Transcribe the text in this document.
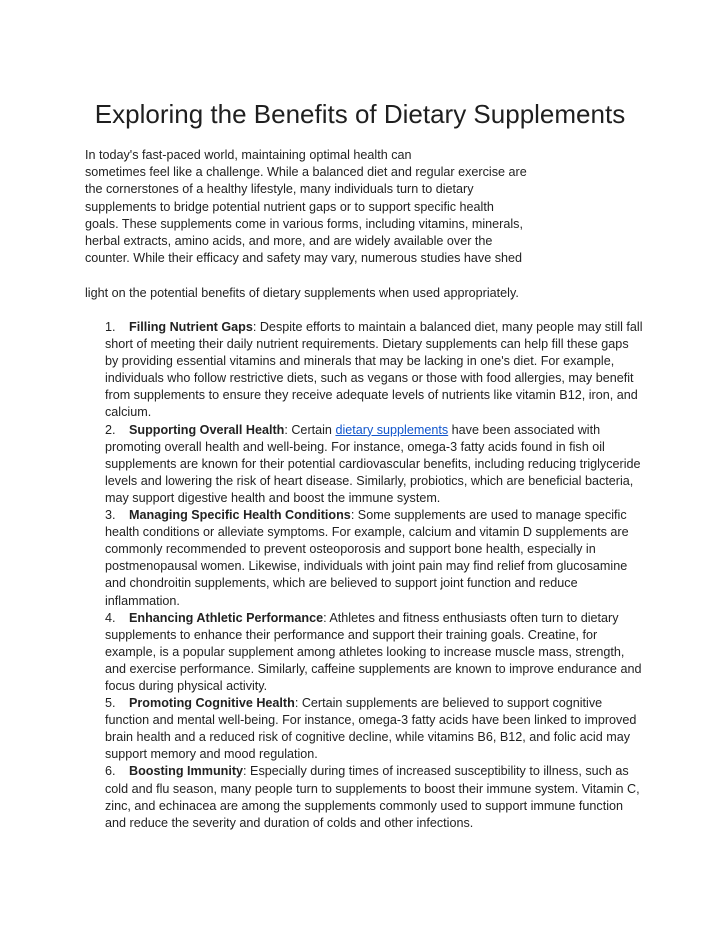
Exploring the Benefits of Dietary Supplements

In today's fast-paced world, maintaining optimal health can
sometimes feel like a challenge. While a balanced diet and regular exercise are
the cornerstones of a healthy lifestyle, many individuals turn to dietary
supplements to bridge potential nutrient gaps or to support specific health
goals. These supplements come in various forms, including vitamins, minerals,
herbal extracts, amino acids, and more, and are widely available over the
counter. While their efficacy and safety may vary, numerous studies have shed

light on the potential benefits of dietary supplements when used appropriately.

1. Filling Nutrient Gaps: Despite efforts to maintain a balanced diet, many people may still fall short of meeting their daily nutrient requirements. Dietary supplements can help fill these gaps by providing essential vitamins and minerals that may be lacking in one's diet. For example, individuals who follow restrictive diets, such as vegans or those with food allergies, may benefit from supplements to ensure they receive adequate levels of nutrients like vitamin B12, iron, and calcium.
2. Supporting Overall Health: Certain dietary supplements have been associated with promoting overall health and well-being. For instance, omega-3 fatty acids found in fish oil supplements are known for their potential cardiovascular benefits, including reducing triglyceride levels and lowering the risk of heart disease. Similarly, probiotics, which are beneficial bacteria, may support digestive health and boost the immune system.
3. Managing Specific Health Conditions: Some supplements are used to manage specific health conditions or alleviate symptoms. For example, calcium and vitamin D supplements are commonly recommended to prevent osteoporosis and support bone health, especially in postmenopausal women. Likewise, individuals with joint pain may find relief from glucosamine and chondroitin supplements, which are believed to support joint function and reduce inflammation.
4. Enhancing Athletic Performance: Athletes and fitness enthusiasts often turn to dietary supplements to enhance their performance and support their training goals. Creatine, for example, is a popular supplement among athletes looking to increase muscle mass, strength, and exercise performance. Similarly, caffeine supplements are known to improve endurance and focus during physical activity.
5. Promoting Cognitive Health: Certain supplements are believed to support cognitive function and mental well-being. For instance, omega-3 fatty acids have been linked to improved brain health and a reduced risk of cognitive decline, while vitamins B6, B12, and folic acid may support memory and mood regulation.
6. Boosting Immunity: Especially during times of increased susceptibility to illness, such as cold and flu season, many people turn to supplements to boost their immune system. Vitamin C, zinc, and echinacea are among the supplements commonly used to support immune function and reduce the severity and duration of colds and other infections.
